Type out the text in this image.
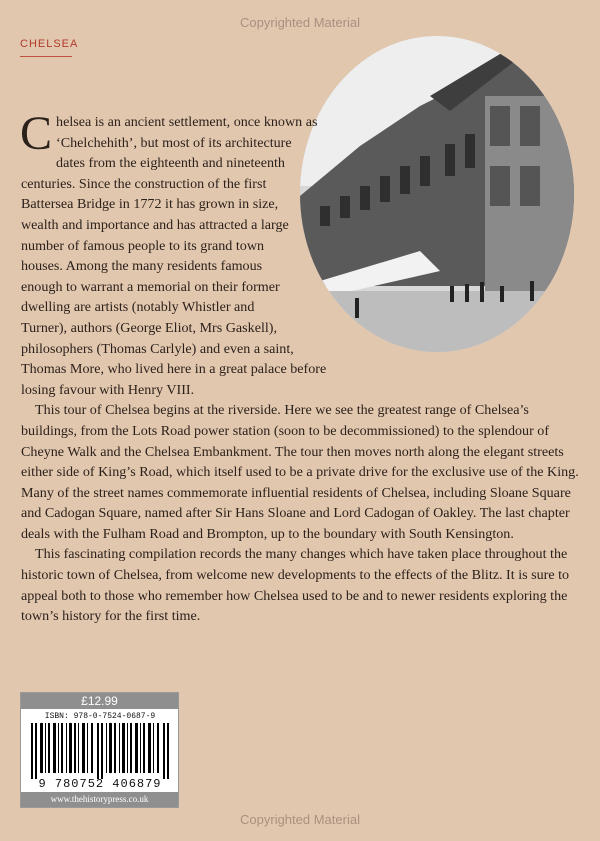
Copyrighted Material
CHELSEA

Chelsea is an ancient settlement, once known as ‘Chelchehith’, but most of its architecture dates from the eighteenth and nineteenth centuries. Since the construction of the first Battersea Bridge in 1772 it has grown in size, wealth and importance and has attracted a large number of famous people to its grand town houses. Among the many residents famous enough to warrant a memorial on their former dwelling are artists (notably Whistler and Turner), authors (George Eliot, Mrs Gaskell), philosophers (Thomas Carlyle) and even a saint, Thomas More, who lived here in a great palace before losing favour with Henry VIII.

This tour of Chelsea begins at the riverside. Here we see the greatest range of Chelsea’s buildings, from the Lots Road power station (soon to be decommissioned) to the splendour of Cheyne Walk and the Chelsea Embankment. The tour then moves north along the elegant streets either side of King’s Road, which itself used to be a private drive for the exclusive use of the King. Many of the street names commemorate influential residents of Chelsea, including Sloane Square and Cadogan Square, named after Sir Hans Sloane and Lord Cadogan of Oakley. The last chapter deals with the Fulham Road and Brompton, up to the boundary with South Kensington.

This fascinating compilation records the many changes which have taken place throughout the historic town of Chelsea, from welcome new developments to the effects of the Blitz. It is sure to appeal both to those who remember how Chelsea used to be and to newer residents exploring the town’s history for the first time.

£12.99
ISBN: 978-0-7524-0687-9
9 780752 406879
www.thehistorypress.co.uk
Copyrighted Material
